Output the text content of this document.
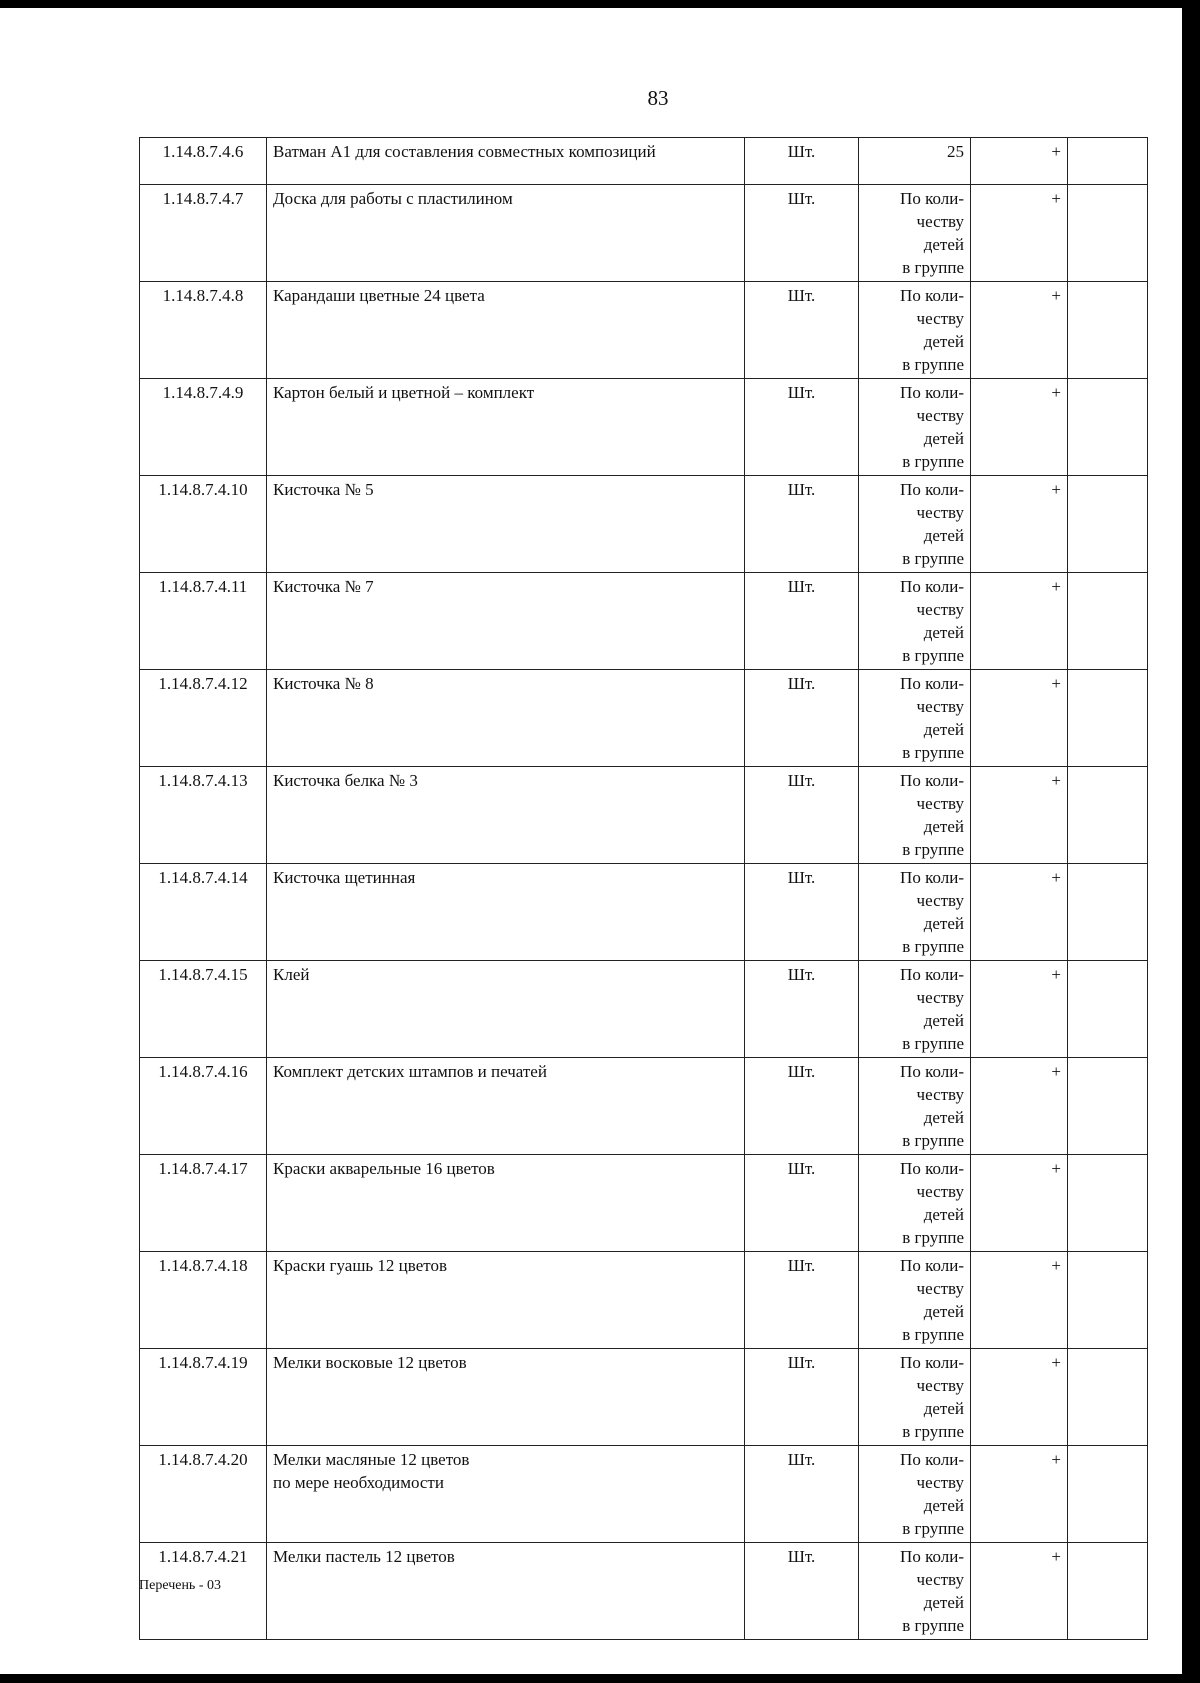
83
1.14.8.7.4.6	Ватман А1 для составления совместных композиций	Шт.	25	+	
1.14.8.7.4.7	Доска для работы с пластилином	Шт.	По коли-
честву
детей
в группе	+	
1.14.8.7.4.8	Карандаши цветные 24 цвета	Шт.	По коли-
честву
детей
в группе	+	
1.14.8.7.4.9	Картон белый и цветной – комплект	Шт.	По коли-
честву
детей
в группе	+	
1.14.8.7.4.10	Кисточка № 5	Шт.	По коли-
честву
детей
в группе	+	
1.14.8.7.4.11	Кисточка № 7	Шт.	По коли-
честву
детей
в группе	+	
1.14.8.7.4.12	Кисточка № 8	Шт.	По коли-
честву
детей
в группе	+	
1.14.8.7.4.13	Кисточка белка № 3	Шт.	По коли-
честву
детей
в группе	+	
1.14.8.7.4.14	Кисточка щетинная	Шт.	По коли-
честву
детей
в группе	+	
1.14.8.7.4.15	Клей	Шт.	По коли-
честву
детей
в группе	+	
1.14.8.7.4.16	Комплект детских штампов и печатей	Шт.	По коли-
честву
детей
в группе	+	
1.14.8.7.4.17	Краски акварельные 16 цветов	Шт.	По коли-
честву
детей
в группе	+	
1.14.8.7.4.18	Краски гуашь 12 цветов	Шт.	По коли-
честву
детей
в группе	+	
1.14.8.7.4.19	Мелки восковые 12 цветов	Шт.	По коли-
честву
детей
в группе	+	
1.14.8.7.4.20	Мелки масляные 12 цветов
по мере необходимости	Шт.	По коли-
честву
детей
в группе	+	
1.14.8.7.4.21	Мелки пастель 12 цветов	Шт.	По коли-
честву
детей
в группе	+	
Перечень - 03
